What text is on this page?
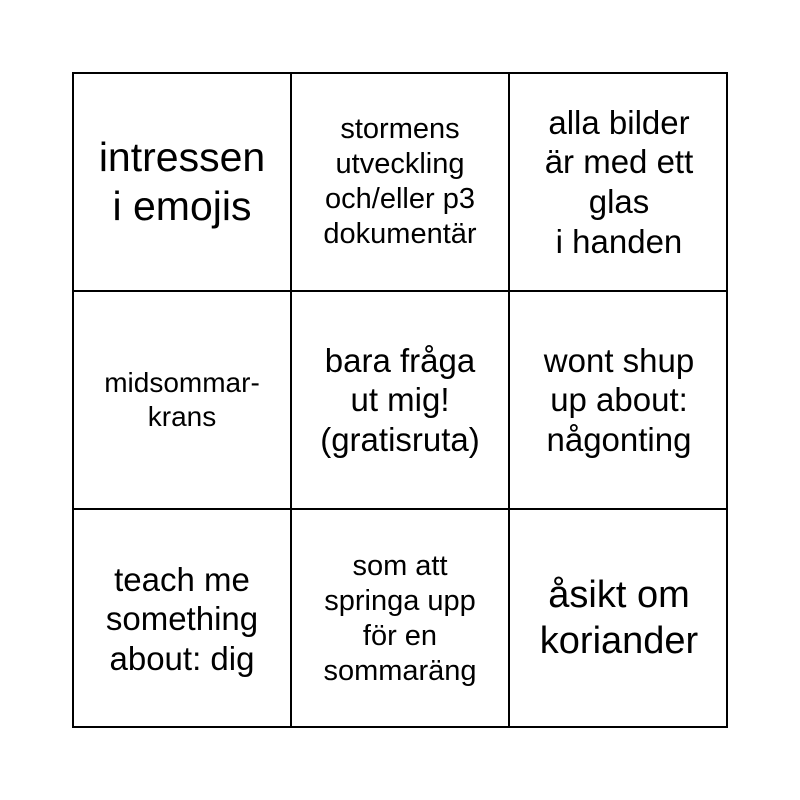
intressen
i emojis
stormens
utveckling
och/eller p3
dokumentär
alla bilder
är med ett
glas
i handen
midsommar-
krans
bara fråga
ut mig!
(gratisruta)
wont shup
up about:
någonting
teach me
something
about: dig
som att
springa upp
för en
sommaräng
åsikt om
koriander
